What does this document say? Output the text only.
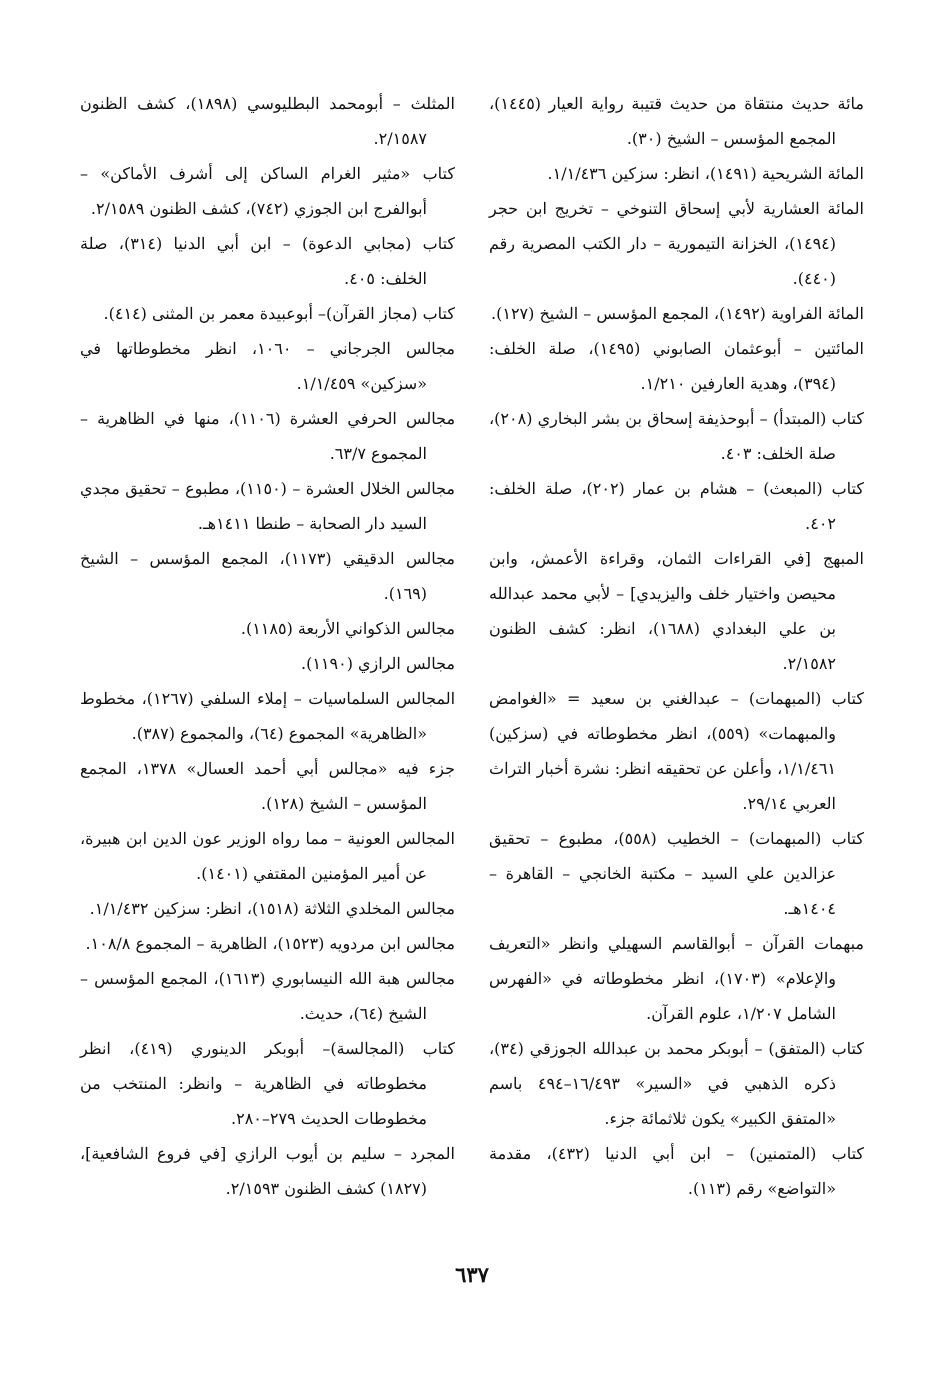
مائة حديث منتقاة من حديث قتيبة رواية العيار (١٤٤٥)، المجمع المؤسس – الشيخ (٣٠).

المائة الشريحية (١٤٩١)، انظر: سزكين ١/١/٤٣٦.

المائة العشارية لأبي إسحاق التنوخي – تخريج ابن حجر (١٤٩٤)، الخزانة التيمورية – دار الكتب المصرية رقم (٤٤٠).

المائة الفراوية (١٤٩٢)، المجمع المؤسس – الشيخ (١٢٧).

المائتين – أبوعثمان الصابوني (١٤٩٥)، صلة الخلف: (٣٩٤)، وهدية العارفين ١/٢١٠.

كتاب (المبتدأ) – أبوحذيفة إسحاق بن بشر البخاري (٢٠٨)، صلة الخلف: ٤٠٣.

كتاب (المبعث) – هشام بن عمار (٢٠٢)، صلة الخلف: ٤٠٢.

المبهج [في القراءات الثمان، وقراءة الأعمش، وابن محيصن واختيار خلف واليزيدي] – لأبي محمد عبدالله بن علي البغدادي (١٦٨٨)، انظر: كشف الظنون ٢/١٥٨٢.

كتاب (المبهمات) – عبدالغني بن سعيد = «الغوامض والمبهمات» (٥٥٩)، انظر مخطوطاته في (سزكين) ١/١/٤٦١، وأعلن عن تحقيقه انظر: نشرة أخبار التراث العربي ٢٩/١٤.

كتاب (المبهمات) – الخطيب (٥٥٨)، مطبوع – تحقيق عزالدين علي السيد – مكتبة الخانجي – القاهرة – ١٤٠٤هـ.

مبهمات القرآن – أبوالقاسم السهيلي وانظر «التعريف والإعلام» (١٧٠٣)، انظر مخطوطاته في «الفهرس الشامل ١/٢٠٧، علوم القرآن.

كتاب (المتفق) – أبوبكر محمد بن عبدالله الجوزقي (٣٤)، ذكره الذهبي في «السير» ١٦/٤٩٣–٤٩٤ باسم «المتفق الكبير» يكون ثلاثمائة جزء.

كتاب (المتمنين) – ابن أبي الدنيا (٤٣٢)، مقدمة «التواضع» رقم (١١٣).

المثلث – أبومحمد البطليوسي (١٨٩٨)، كشف الظنون ٢/١٥٨٧.

كتاب «مثير الغرام الساكن إلى أشرف الأماكن» – أبوالفرج ابن الجوزي (٧٤٢)، كشف الظنون ٢/١٥٨٩.

كتاب (مجابي الدعوة) – ابن أبي الدنيا (٣١٤)، صلة الخلف: ٤٠٥.

كتاب (مجاز القرآن)– أبوعبيدة معمر بن المثنى (٤١٤).

مجالس الجرجاني – ١٠٦٠، انظر مخطوطاتها في «سزكين» ١/١/٤٥٩.

مجالس الحرفي العشرة (١١٠٦)، منها في الظاهرية – المجموع ٦٣/٧.

مجالس الخلال العشرة – (١١٥٠)، مطبوع – تحقيق مجدي السيد دار الصحابة – طنطا ١٤١١هـ.

مجالس الدقيقي (١١٧٣)، المجمع المؤسس – الشيخ (١٦٩).

مجالس الذكواني الأربعة (١١٨٥).

مجالس الرازي (١١٩٠).

المجالس السلماسيات – إملاء السلفي (١٢٦٧)، مخطوط «الظاهرية» المجموع (٦٤)، والمجموع (٣٨٧).

جزء فيه «مجالس أبي أحمد العسال» ١٣٧٨، المجمع المؤسس – الشيخ (١٢٨).

المجالس العونية – مما رواه الوزير عون الدين ابن هبيرة، عن أمير المؤمنين المقتفي (١٤٠١).

مجالس المخلدي الثلاثة (١٥١٨)، انظر: سزكين ١/١/٤٣٢.

مجالس ابن مردويه (١٥٢٣)، الظاهرية – المجموع ١٠٨/٨.

مجالس هبة الله النيسابوري (١٦١٣)، المجمع المؤسس – الشيخ (٦٤)، حديث.

كتاب (المجالسة)– أبوبكر الدينوري (٤١٩)، انظر مخطوطاته في الظاهرية – وانظر: المنتخب من مخطوطات الحديث ٢٧٩–٢٨٠.

المجرد – سليم بن أيوب الرازي [في فروع الشافعية]، (١٨٢٧) كشف الظنون ٢/١٥٩٣.

٦٣٧
